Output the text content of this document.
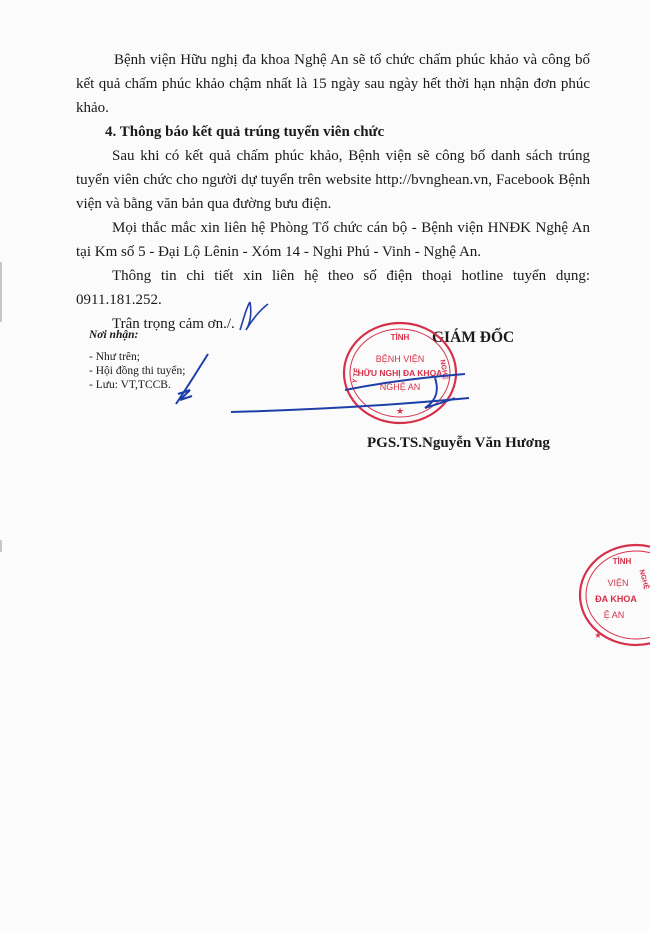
Bệnh viện Hữu nghị đa khoa Nghệ An sẽ tổ chức chấm phúc khảo và công bố
kết quả chấm phúc khảo chậm nhất là 15 ngày sau ngày hết thời hạn nhận đơn phúc
khảo.
4. Thông báo kết quả trúng tuyển viên chức
Sau khi có kết quả chấm phúc khảo, Bệnh viện sẽ công bố danh sách trúng
tuyển viên chức cho người dự tuyển trên website http://bvnghean.vn, Facebook Bệnh
viện và bằng văn bản qua đường bưu điện.
Mọi thắc mắc xin liên hệ Phòng Tổ chức cán bộ - Bệnh viện HNĐK Nghệ An
tại Km số 5 - Đại Lộ Lênin - Xóm 14 - Nghi Phú - Vinh - Nghệ An.
Thông tin chi tiết xin liên hệ theo số điện thoại hotline tuyển dụng:
0911.181.252.
Trân trọng cảm ơn./.
Nơi nhận:
- Như trên;
- Hội đồng thi tuyển;
- Lưu: VT,TCCB.
GIÁM ĐỐC
TỈNH
Y TẾ	NGHỆ
BỆNH VIỆN
HỮU NGHỊ ĐA KHOA
NGHỆ AN
★
PGS.TS.Nguyễn Văn Hương
TỈNH
VIỆN
ĐA KHOA
Ệ AN
★
NGHỆ
